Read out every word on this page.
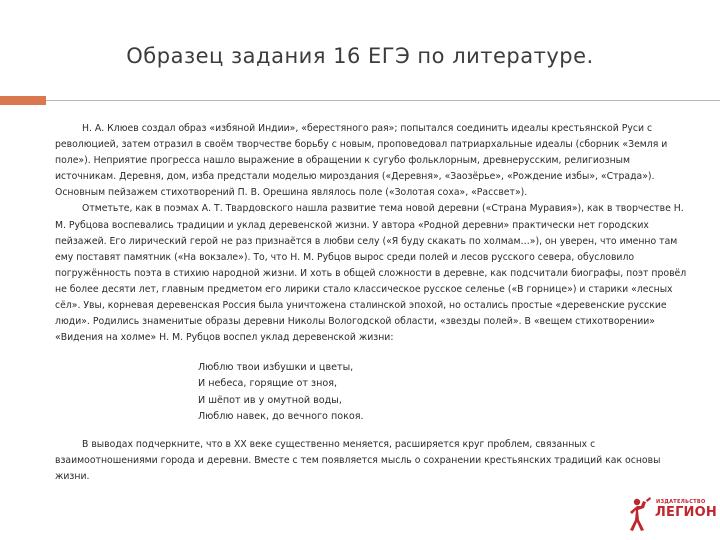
Образец задания 16 ЕГЭ по литературе.

Н. А. Клюев создал образ «избяной Индии», «берестяного рая»; попытался соединить идеалы крестьянской Руси с революцией, затем отразил в своём творчестве борьбу с новым, проповедовал патриархальные идеалы (сборник «Земля и поле»). Неприятие прогресса нашло выражение в обращении к сугубо фольклорным, древнерусским, религиозным источникам. Деревня, дом, изба предстали моделью мироздания («Деревня», «Заозёрье», «Рождение избы», «Страда»). Основным пейзажем стихотворений П. В. Орешина являлось поле («Золотая соха», «Рассвет»).

Отметьте, как в поэмах А. Т. Твардовского нашла развитие тема новой деревни («Страна Муравия»), как в творчестве Н. М. Рубцова воспевались традиции и уклад деревенской жизни. У автора «Родной деревни» практически нет городских пейзажей. Его лирический герой не раз признаётся в любви селу («Я буду скакать по холмам…»), он уверен, что именно там ему поставят памятник («На вокзале»). То, что Н. М. Рубцов вырос среди полей и лесов русского севера, обусловило погружённость поэта в стихию народной жизни. И хоть в общей сложности в деревне, как подсчитали биографы, поэт провёл не более десяти лет, главным предметом его лирики стало классическое русское селенье («В горнице») и старики «лесных сёл». Увы, корневая деревенская Россия была уничтожена сталинской эпохой, но остались простые «деревенские русские люди». Родились знаменитые образы деревни Николы Вологодской области, «звезды полей». В «вещем стихотворении» «Видения на холме» Н. М. Рубцов воспел уклад деревенской жизни:

Люблю твои избушки и цветы,
И небеса, горящие от зноя,
И шёпот ив у омутной воды,
Люблю навек, до вечного покоя.

В выводах подчеркните, что в XX веке существенно меняется, расширяется круг проблем, связанных с взаимоотношениями города и деревни. Вместе с тем появляется мысль о сохранении крестьянских традиций как основы жизни.

ИЗДАТЕЛЬСТВО
ЛЕГИОН
